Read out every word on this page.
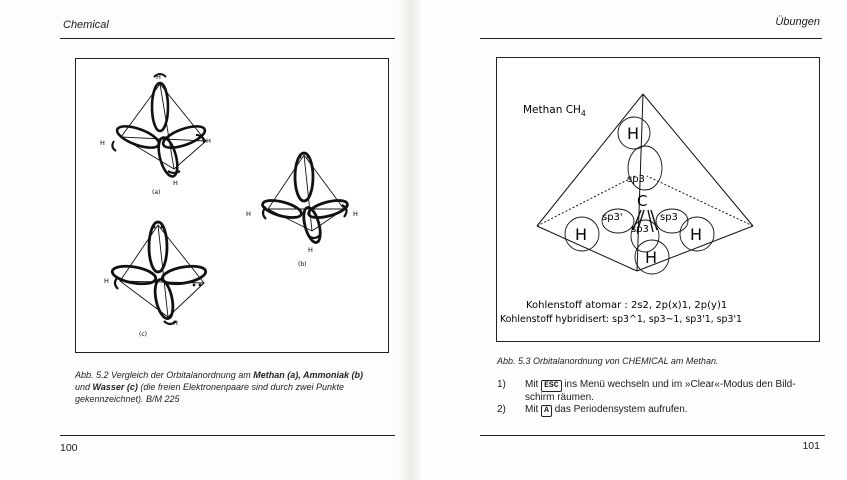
Chemical
H
H	H
H
(a)
H	H
H
(b)
H
H
(c)
Abb. 5.2 Vergleich der Orbitalanordnung am Methan (a), Ammoniak (b)
und Wasser (c) (die freien Elektronenpaare sind durch zwei Punkte
gekennzeichnet). B/M 225
100
Übungen
H
H	H
H
C
sp3
sp3'	sp3
sp3
Methan $CH_4$
Kohlenstoff atomar : 2s2, 2p(x)1, 2p(y)1
Kohlenstoff hybridisert: sp3^1, sp3~1, sp3'1, sp3'1
Abb. 5.3 Orbitalanordnung von CHEMICAL am Methan.
1) Mit ESC ins Menü wechseln und im »Clear«-Modus den Bild-
schirm räumen.
2) Mit A das Periodensystem aufrufen.
101
